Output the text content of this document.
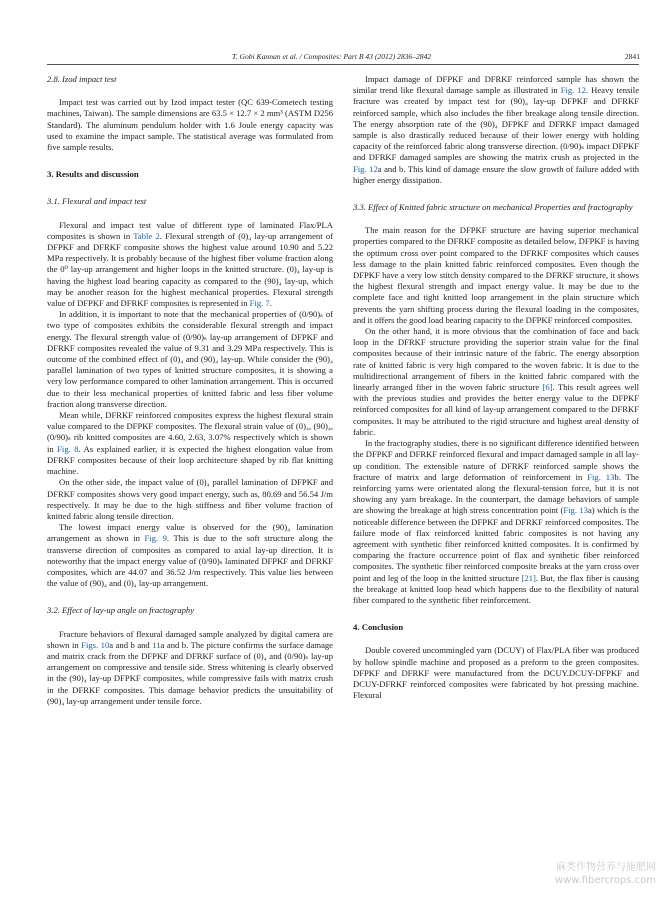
T. Gobi Kannan et al. / Composites: Part B 43 (2012) 2836–2842	2841
2.8. Izod impact test

Impact test was carried out by Izod impact tester (QC 639-Cometech testing machines, Taiwan). The sample dimensions are 63.5 × 12.7 × 2 mm³ (ASTM D256 Standard). The aluminum pendulum holder with 1.6 Joule energy capacity was used to examine the impact sample. The statistical average was formulated from five sample results.

3. Results and discussion
3.1. Flexural and impact test

Flexural and impact test value of different type of laminated Flax/PLA composites is shown in Table 2. Flexural strength of (0)₄ lay-up arrangement of DFPKF and DFRKF composite shows the highest value around 10.90 and 5.22 MPa respectively. It is probably because of the highest fiber volume fraction along the 0⁰ lay-up arrangement and higher loops in the knitted structure. (0)₄ lay-up is having the highest load bearing capacity as compared to the (90)₄ lay-up, which may be another reason for the highest mechanical properties. Flexural strength value of DFPKF and DFRKF composites is represented in Fig. 7.

In addition, it is important to note that the mechanical properties of (0/90)ₛ of two type of composites exhibits the considerable flexural strength and impact energy. The flexural strength value of (0/90)ₛ lay-up arrangement of DFPKF and DFRKF composites revealed the value of 9.31 and 3.29 MPa respectively. This is outcome of the combined effect of (0)₄ and (90)₄ lay-up. While consider the (90)₄ parallel lamination of two types of knitted structure composites, it is showing a very low performance compared to other lamination arrangement. This is occurred due to their less mechanical properties of knitted fabric and less fiber volume fraction along transverse direction.

Mean while, DFRKF reinforced composites express the highest flexural strain value compared to the DFPKF composites. The flexural strain value of (0)₄, (90)₄, (0/90)ₛ rib knitted composites are 4.60, 2.63, 3.07% respectively which is shown in Fig. 8. As explained earlier, it is expected the highest elongation value from DFRKF composites because of their loop architecture shaped by rib flat knitting machine.

On the other side, the impact value of (0)₄ parallel lamination of DFPKF and DFRKF composites shows very good impact energy, such as, 80.69 and 56.54 J/m respectively. It may be due to the high stiffness and fiber volume fraction of knitted fabric along tensile direction.

The lowest impact energy value is observed for the (90)₄ lamination arrangement as shown in Fig. 9. This is due to the soft structure along the transverse direction of composites as compared to axial lay-up direction. It is noteworthy that the impact energy value of (0/90)ₛ laminated DFPKF and DFRKF composites, which are 44.07 and 36.52 J/m respectively. This value lies between the value of (90)₄ and (0)₄ lay-up arrangement.

3.2. Effect of lay-up angle on fractography

Fracture behaviors of flexural damaged sample analyzed by digital camera are shown in Figs. 10a and b and 11a and b. The picture confirms the surface damage and matrix crack from the DFPKF and DFRKF surface of (0)₄ and (0/90)ₛ lay-up arrangement on compressive and tensile side. Stress whitening is clearly observed in the (90)₄ lay-up DFPKF composites, while compressive fails with matrix crush in the DFRKF composites. This damage behavior predicts the unsuitability of (90)₄ lay-up arrangement under tensile force.

Impact damage of DFPKF and DFRKF reinforced sample has shown the similar trend like flexural damage sample as illustrated in Fig. 12. Heavy tensile fracture was created by impact test for (90)₄ lay-up DFPKF and DFRKF reinforced sample, which also includes the fiber breakage along tensile direction. The energy absorption rate of the (90)₄ DFPKF and DFRKF impact damaged sample is also drastically reduced because of their lower energy with holding capacity of the reinforced fabric along transverse direction. (0/90)ₛ impact DFPKF and DFRKF damaged samples are showing the matrix crush as projected in the Fig. 12a and b. This kind of damage ensure the slow growth of failure added with higher energy dissipation.

3.3. Effect of Knitted fabric structure on mechanical Properties and fractography

The main reason for the DFPKF structure are having superior mechanical properties compared to the DFRKF composite as detailed below, DFPKF is having the optimum cross over point compared to the DFRKF composites which causes less damage to the plain knitted fabric reinforced composites. Even though the DFPKF have a very low stitch density compared to the DFRKF structure, it shows the highest flexural strength and impact energy value. It may be due to the complete face and tight knitted loop arrangement in the plain structure which prevents the yarn shifting process during the flexural loading in the composites, and it offers the good load bearing capacity to the DFPKF reinforced composites.

On the other hand, it is more obvious that the combination of face and back loop in the DFRKF structure providing the superior strain value for the final composites because of their intrinsic nature of the fabric. The energy absorption rate of knitted fabric is very high compared to the woven fabric. It is due to the multidirectional arrangement of fibers in the knitted fabric compared with the linearly arranged fiber in the woven fabric structure [6]. This result agrees well with the previous studies and provides the better energy value to the DFPKF reinforced composites for all kind of lay-up arrangement compared to the DFRKF composites. It may be attributed to the rigid structure and highest areal density of fabric.

In the fractography studies, there is no significant difference identified between the DFPKF and DFRKF reinforced flexural and impact damaged sample in all lay-up condition. The extensible nature of DFRKF reinforced sample shows the fracture of matrix and large deformation of reinforcement in Fig. 13b. The reinforcing yarns were orientated along the flexural-tension force, but it is not showing any yarn breakage. In the counterpart, the damage behaviors of sample are showing the breakage at high stress concentration point (Fig. 13a) which is the noticeable difference between the DFPKF and DFRKF reinforced composites. The failure mode of flax reinforced knitted fabric composites is not having any agreement with synthetic fiber reinforced knitted composites. It is confirmed by comparing the fracture occurrence point of flax and synthetic fiber reinforced composites. The synthetic fiber reinforced composite breaks at the yarn cross over point and leg of the loop in the knitted structure [21]. But, the flax fiber is causing the breakage at knitted loop head which happens due to the flexibility of natural fiber compared to the synthetic fiber reinforcement.

4. Conclusion

Double covered uncommingled yarn (DCUY) of Flax/PLA fiber was produced by hollow spindle machine and proposed as a preform to the green composites. DFPKF and DFRKF were manufactured from the DCUY.DCUY-DFPKF and DCUY-DFRKF reinforced composites were fabricated by hot pressing machine. Flexural

麻类作物营养与施肥网
www.fibercrops.com
